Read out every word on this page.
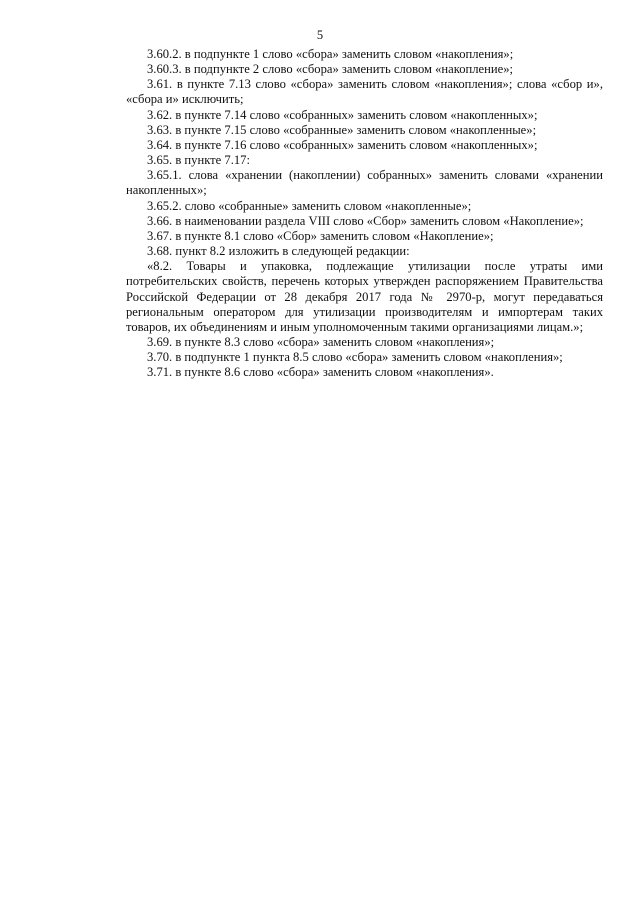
5

3.60.2. в подпункте 1 слово «сбора» заменить словом «накопления»;

3.60.3. в подпункте 2 слово «сбора» заменить словом «накопление»;

3.61. в пункте 7.13 слово «сбора» заменить словом «накопления»; слова «сбор и», «сбора и» исключить;

3.62. в пункте 7.14 слово «собранных» заменить словом «накопленных»;

3.63. в пункте 7.15 слово «собранные» заменить словом «накопленные»;

3.64. в пункте 7.16 слово «собранных» заменить словом «накопленных»;

3.65. в пункте 7.17:

3.65.1. слова «хранении (накоплении) собранных» заменить словами «хранении накопленных»;

3.65.2. слово «собранные» заменить словом «накопленные»;

3.66. в наименовании раздела VIII слово «Сбор» заменить словом «Накопление»;

3.67. в пункте 8.1 слово «Сбор» заменить словом «Накопление»;

3.68. пункт 8.2 изложить в следующей редакции:

«8.2. Товары и упаковка, подлежащие утилизации после утраты ими потребительских свойств, перечень которых утвержден распоряжением Правительства Российской Федерации от 28 декабря 2017 года № 2970-р, могут передаваться региональным оператором для утилизации производителям и импортерам таких товаров, их объединениям и иным уполномоченным такими организациями лицам.»;

3.69. в пункте 8.3 слово «сбора» заменить словом «накопления»;

3.70. в подпункте 1 пункта 8.5 слово «сбора» заменить словом «накопления»;

3.71. в пункте 8.6 слово «сбора» заменить словом «накопления».
